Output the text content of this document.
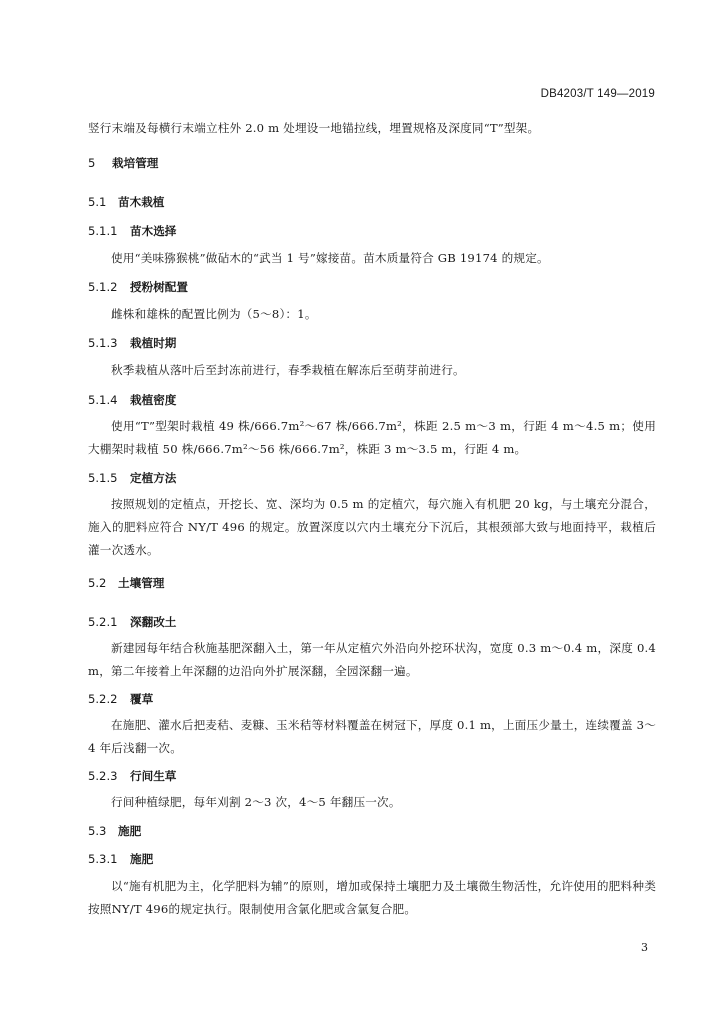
DB4203/T 149—2019

竖行末端及每横行末端立柱外 2.0 m 处埋设一地锚拉线，埋置规格及深度同“T”型架。

5 栽培管理
5.1 苗木栽植
5.1.1 苗木选择

使用“美味猕猴桃”做砧木的“武当 1 号”嫁接苗。苗木质量符合 GB 19174 的规定。

5.1.2 授粉树配置

雌株和雄株的配置比例为（5～8）：1。

5.1.3 栽植时期

秋季栽植从落叶后至封冻前进行，春季栽植在解冻后至萌芽前进行。

5.1.4 栽植密度

使用“T”型架时栽植 49 株/666.7m²～67 株/666.7m²，株距 2.5 m～3 m，行距 4 m～4.5 m；使用大棚架时栽植 50 株/666.7m²～56 株/666.7m²，株距 3 m～3.5 m，行距 4 m。

5.1.5 定植方法

按照规划的定植点，开挖长、宽、深均为 0.5 m 的定植穴，每穴施入有机肥 20 kg，与土壤充分混合，施入的肥料应符合 NY/T 496 的规定。放置深度以穴内土壤充分下沉后，其根颈部大致与地面持平，栽植后灌一次透水。

5.2 土壤管理
5.2.1 深翻改土

新建园每年结合秋施基肥深翻入土，第一年从定植穴外沿向外挖环状沟，宽度 0.3 m～0.4 m，深度 0.4 m，第二年接着上年深翻的边沿向外扩展深翻，全园深翻一遍。

5.2.2 覆草

在施肥、灌水后把麦秸、麦糠、玉米秸等材料覆盖在树冠下，厚度 0.1 m，上面压少量土，连续覆盖 3～4 年后浅翻一次。

5.2.3 行间生草

行间种植绿肥，每年刈割 2～3 次，4～5 年翻压一次。

5.3 施肥
5.3.1 施肥

以“施有机肥为主，化学肥料为辅”的原则，增加或保持土壤肥力及土壤微生物活性，允许使用的肥料种类按照NY/T 496的规定执行。限制使用含氯化肥或含氯复合肥。

3
